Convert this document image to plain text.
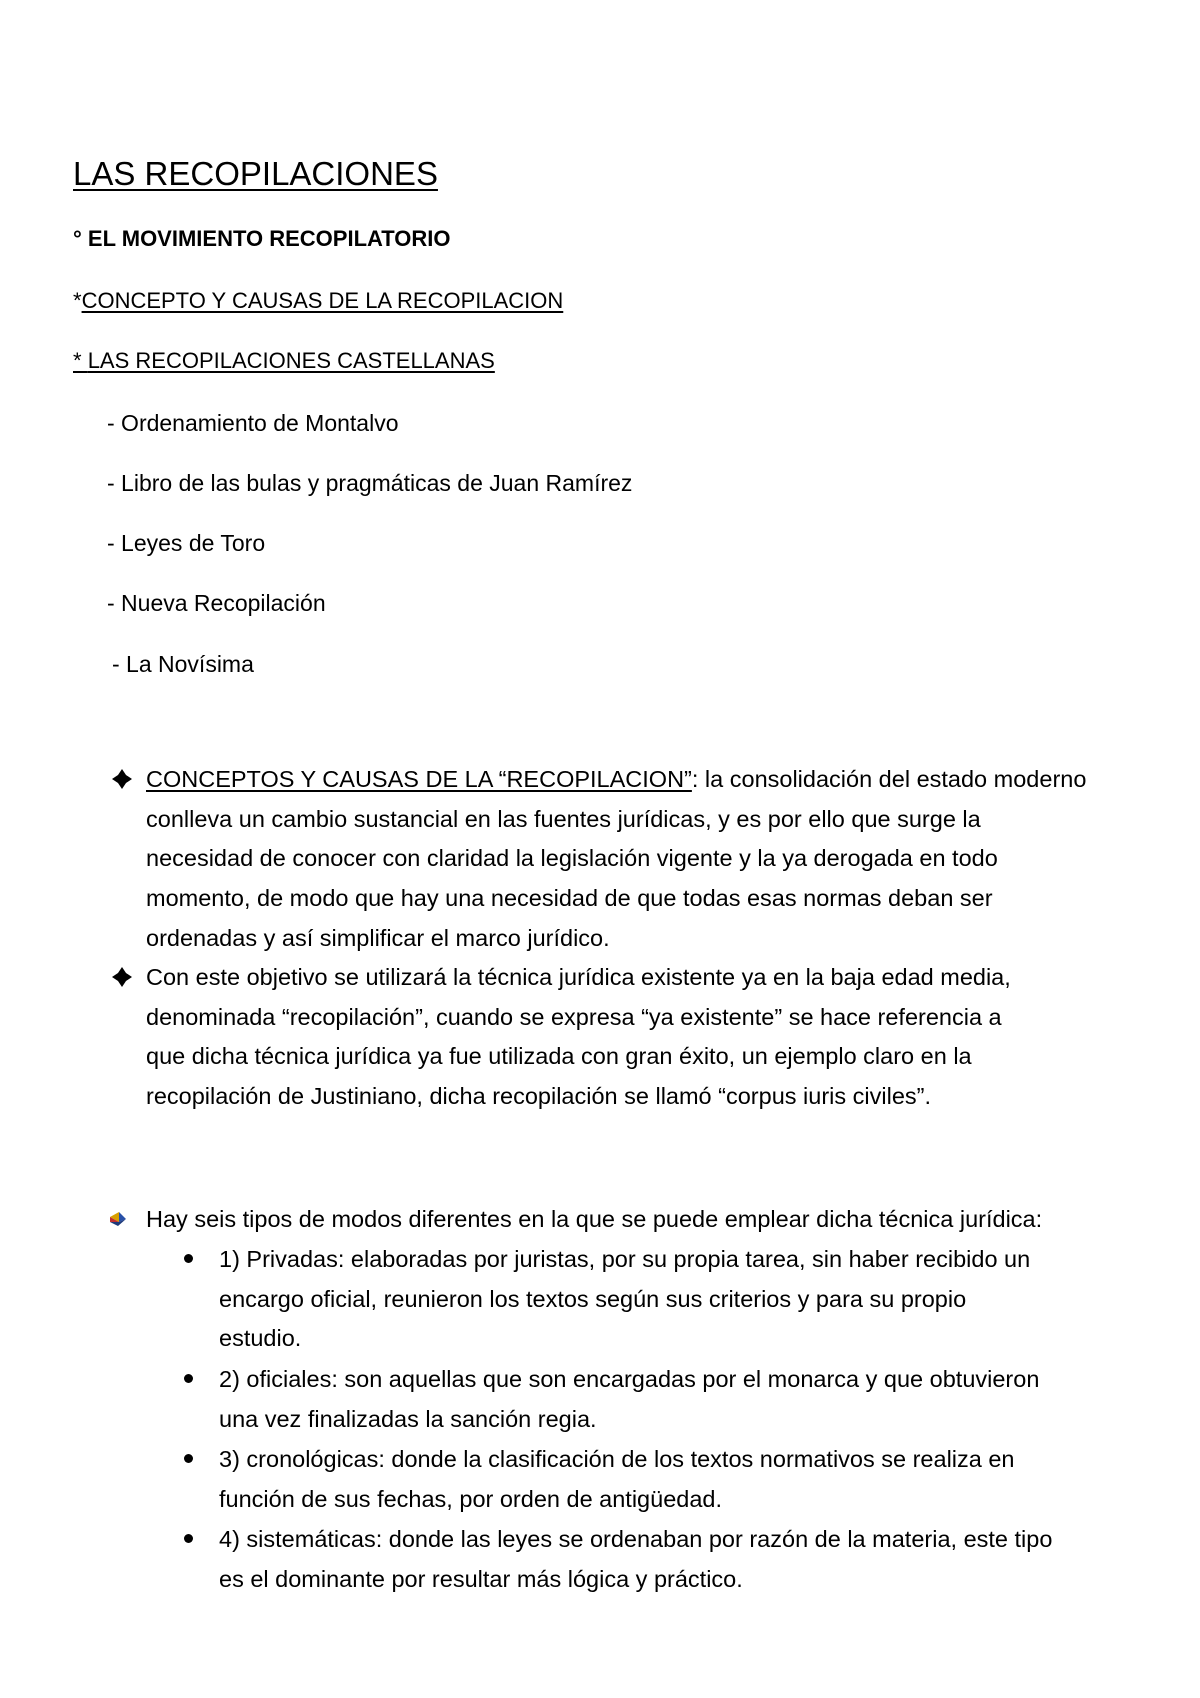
LAS RECOPILACIONES
° EL MOVIMIENTO RECOPILATORIO
*CONCEPTO Y CAUSAS DE LA RECOPILACION
* LAS RECOPILACIONES CASTELLANAS
- Ordenamiento de Montalvo
- Libro de las bulas y pragmáticas de Juan Ramírez
- Leyes de Toro
- Nueva Recopilación
- La Novísima
CONCEPTOS Y CAUSAS DE LA “RECOPILACION”: la consolidación del estado moderno
conlleva un cambio sustancial en las fuentes jurídicas, y es por ello que surge la
necesidad de conocer con claridad la legislación vigente y la ya derogada en todo
momento, de modo que hay una necesidad de que todas esas normas deban ser
ordenadas y así simplificar el marco jurídico.
Con este objetivo se utilizará la técnica jurídica existente ya en la baja edad media,
denominada “recopilación”, cuando se expresa “ya existente” se hace referencia a
que dicha técnica jurídica ya fue utilizada con gran éxito, un ejemplo claro en la
recopilación de Justiniano, dicha recopilación se llamó “corpus iuris civiles”.
Hay seis tipos de modos diferentes en la que se puede emplear dicha técnica jurídica:
1) Privadas: elaboradas por juristas, por su propia tarea, sin haber recibido un
encargo oficial, reunieron los textos según sus criterios y para su propio
estudio.
2) oficiales: son aquellas que son encargadas por el monarca y que obtuvieron
una vez finalizadas la sanción regia.
3) cronológicas: donde la clasificación de los textos normativos se realiza en
función de sus fechas, por orden de antigüedad.
4) sistemáticas: donde las leyes se ordenaban por razón de la materia, este tipo
es el dominante por resultar más lógica y práctico.
